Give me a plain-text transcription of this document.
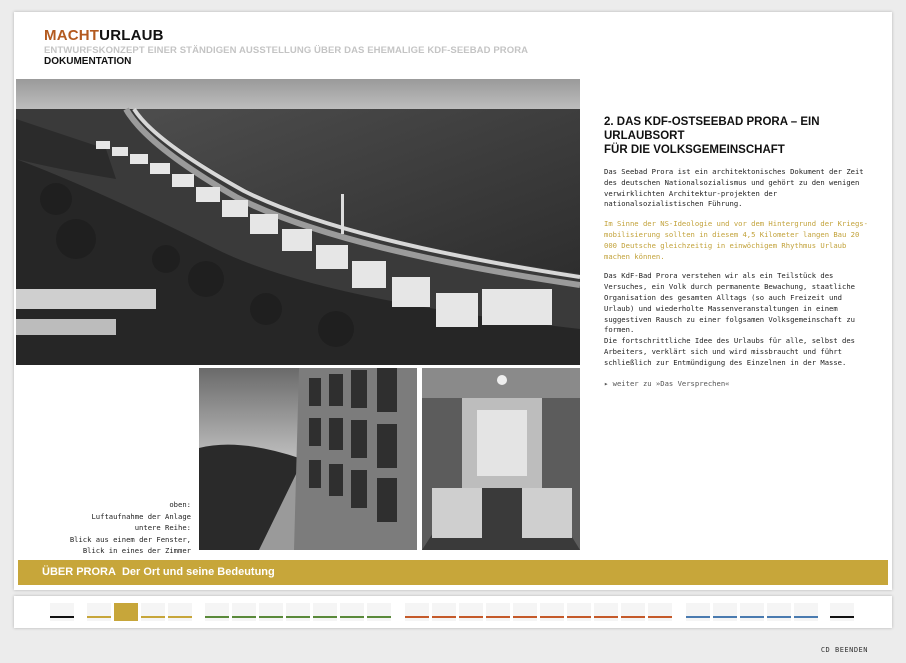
MACHTURLAUB
ENTWURFSKONZEPT EINER STÄNDIGEN AUSSTELLUNG ÜBER DAS EHEMALIGE KDF-SEEBAD PRORA
DOKUMENTATION
oben:
Luftaufnahme der Anlage
untere Reihe:
Blick aus einem der Fenster,
Blick in eines der Zimmer
2. DAS KDF-OSTSEEBAD PRORA – EIN URLAUBSORT
FÜR DIE VOLKSGEMEINSCHAFT

Das Seebad Prora ist ein architektonisches Dokument der Zeit des deutschen Nationalsozialismus und gehört zu den wenigen verwirklichten Architektur-projekten der nationalsozialistischen Führung.

Im Sinne der NS-Ideologie und vor dem Hintergrund der Kriegs-mobilisierung sollten in diesem 4,5 Kilometer langen Bau 20 000 Deutsche gleichzeitig in einwöchigem Rhythmus Urlaub machen können.

Das KdF-Bad Prora verstehen wir als ein Teilstück des Versuches, ein Volk durch permanente Bewachung, staatliche Organisation des gesamten Alltags (so auch Freizeit und Urlaub) und wiederholte Massenveranstaltungen in einem suggestiven Rausch zu einer folgsamen Volksgemeinschaft zu formen.
Die fortschrittliche Idee des Urlaubs für alle, selbst des Arbeiters, verklärt sich und wird missbraucht und führt schließlich zur Entmündigung des Einzelnen in der Masse.

▸ weiter zu »Das Versprechen«
ÜBER PRORA Der Ort und seine Bedeutung
CD BEENDEN
